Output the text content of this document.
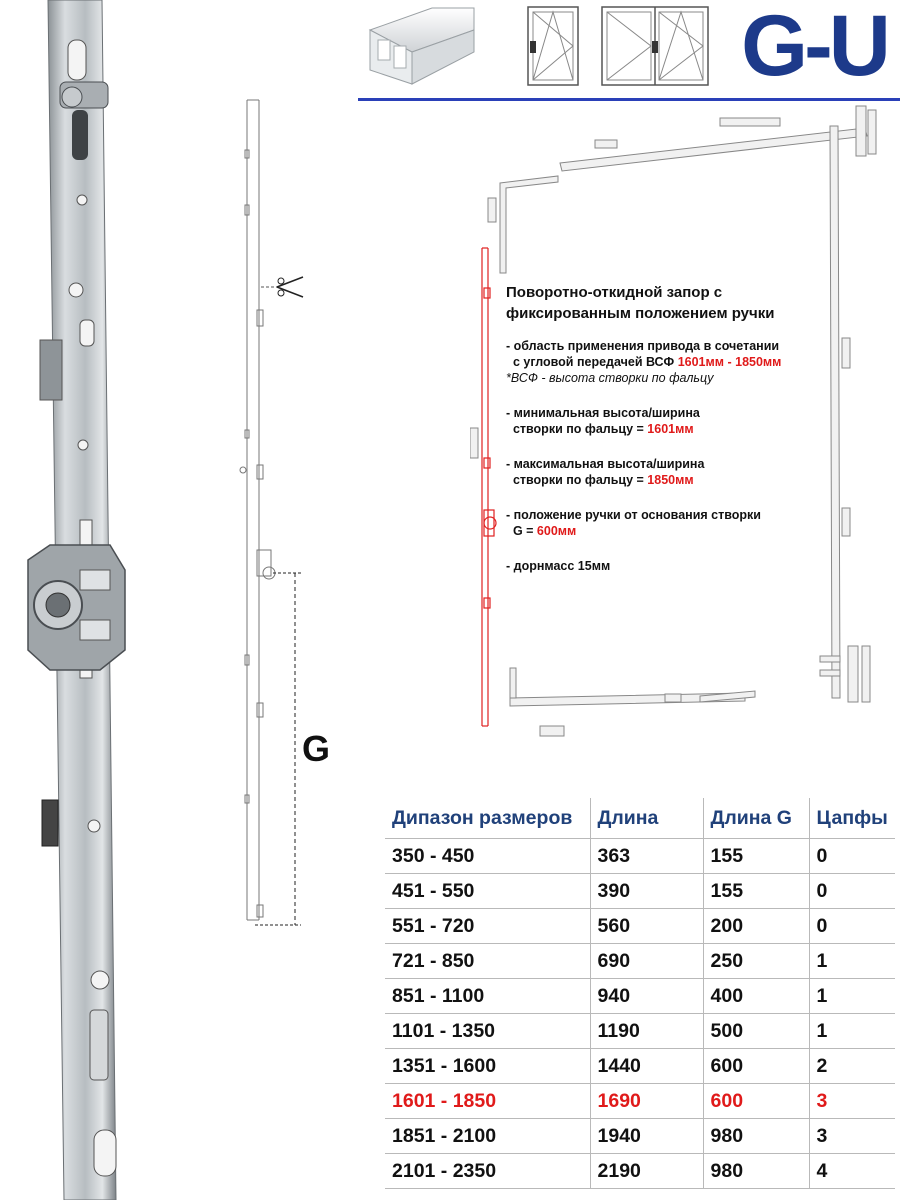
G
G-U
Поворотно-откидной запор с
фиксированным положением ручки
- область применения привода в сочетании
с угловой передачей ВСФ 1601мм - 1850мм
*ВСФ - высота створки по фальцу
- минимальная высота/ширина
створки по фальцу = 1601мм
- максимальная высота/ширина
створки по фальцу = 1850мм
- положение ручки от основания створки
G = 600мм
- дорнмасс 15мм
Дипазон размеров	Длина	Длина G	Цапфы
350 - 450	363	155	0
451 - 550	390	155	0
551 - 720	560	200	0
721 - 850	690	250	1
851 - 1100	940	400	1
1101 - 1350	1190	500	1
1351 - 1600	1440	600	2
1601 - 1850	1690	600	3
1851 - 2100	1940	980	3
2101 - 2350	2190	980	4
